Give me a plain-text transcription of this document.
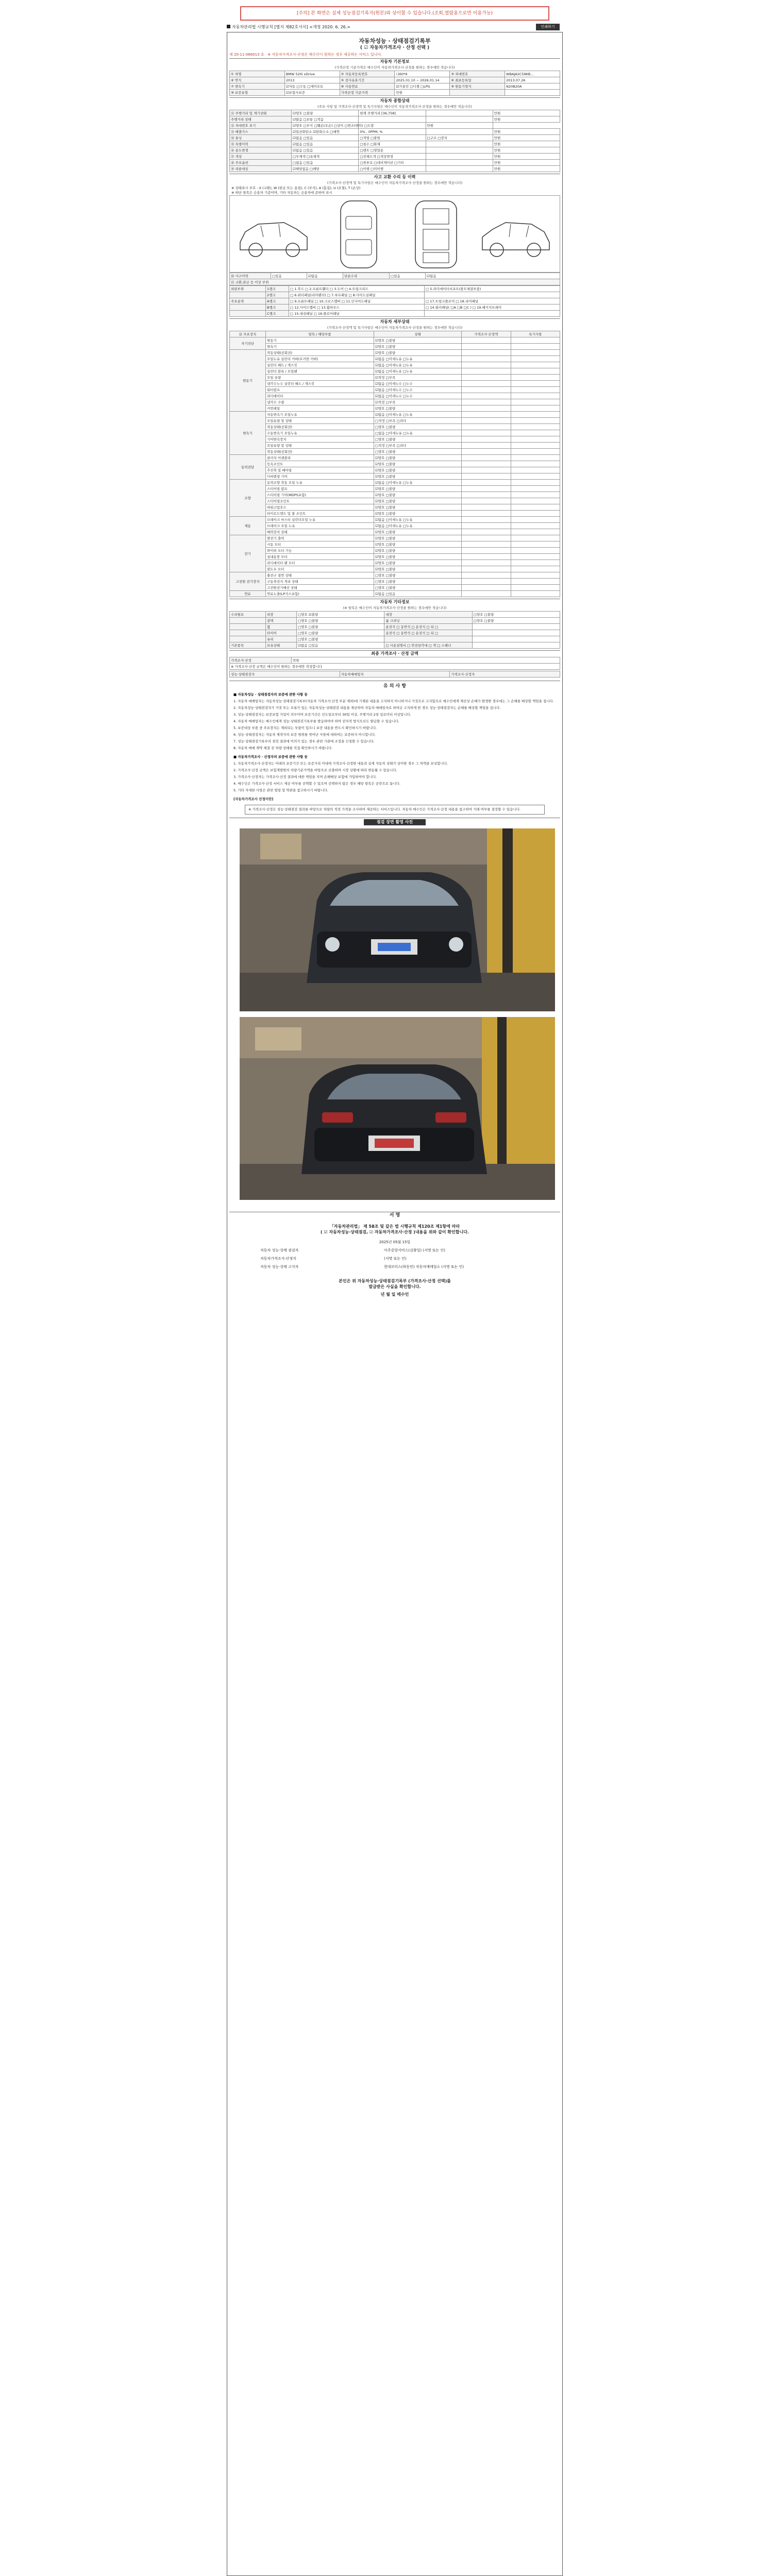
[주의] 본 화면은 실제 성능점검기록지(원본)와 상이할 수 있습니다.(조회,열람용으로만 이용가능)
자동차관리법 시행규칙 [별지 제82호서식] <개정 2020. 6. 26.>	인쇄하기
자동차성능 · 상태점검기록부
( ☑ 자동차가격조사 · 산정 선택 )
제 20-11-068013 호 ※ 자동차가격조사·산정은 매수인이 원하는 경우 제공하는 서비스 입니다.
자동차 기본정보
(가격산정 기준가격은 매수인이 자동차가격조사·산정을 원하는 경우에만 적습니다)
① 차명	BMW 520i xDrive	② 자동차등록번호	나60*9	③ 차대번호	WBAJA2C59KB...
④ 연식	2013	⑤ 검사유효기간	2025.01.10 ~ 2026.01.14	⑥ 최초등록일	2013.07.26
⑦ 변속기	☑자동 □수동 □세미오토	⑧ 사용연료	☑가솔린 □디젤 □LPG	⑨ 원동기형식	N20B20A
⑩ 보증유형	☑보험사보증	가격산정 기준가격	만원		
자동차 종합상태
(주요 사항 및 가격조사·산정액 및 특기사항은 매수인이 자동차가격조사·산정을 원하는 경우에만 적습니다)
⑪ 주행거리 및 계기상태	☑양호 □불량	현재 주행거리 [36,758]		만원
주행거리 상태	☑많음 □보통 □적음			만원
⑫ 차대번호 표기	☑양호 □부식 □훼손(오손) □상이 □변조(변타) □도말		만원	
⑬ 배출가스	☑일산화탄소 ☑탄화수소 □매연	0% , 0PPM, %		만원
⑭ 튜닝	☑없음 □있음	□적법 □불법	□구조 □장치	만원
⑮ 특별이력	☑없음 □있음	□침수 □화재		만원
⑯ 용도변경	☑없음 □있음	□렌트 □영업용		만원
⑰ 색상	□무채색 □유채색	□전체도색 □색상변경		만원
⑱ 주요옵션	□없음 □있음	□썬루프 □네비게이션 □기타		만원
⑲ 리콜대상	☑해당없음 □해당	□이행 □미이행		만원
사고 교환 수리 등 이력
(가격조사·산정액 및 특기사항은 매수인이 자동차가격조사·산정을 원하는 경우에만 적습니다)
※ 상태표시 부호 : X (교환), W (판금 또는 용접), C (부식), A (흠집), U (요철), T (손상)
※ 하단 항목은 승용차 기준이며, 기타 자동차는 승용차에 준하여 표시
⑳ 사고이력	□있음	☑없음	단순수리	□있음	☑없음
㉑ 교환,판금 등 이상 부위
외판부위	1랭크	□ 1.후드 □ 2.프론트휀더 □ 3.도어 □ 4.트렁크리드	□ 5.라디에이터서포트(볼트체결부품)
	2랭크	□ 6.쿼터패널(리어펜더) □ 7.루프패널 □ 8.사이드실패널	
주요골격	A랭크	□ 9.프론트패널 □ 10.크로스멤버 □ 11.인사이드패널	□ 17.트렁크플로어 □ 18.리어패널
	B랭크	□ 12.사이드멤버 □ 13.휠하우스	□ 14.필러패널( □A □B □C ) □ 19.패키지트레이
	C랭크	□ 15.대쉬패널 □ 16.플로어패널	
자동차 세부상태
(가격조사·산정액 및 특기사항은 매수인이 자동차가격조사·산정을 원하는 경우에만 적습니다)
㉒ 주요장치	항목 / 해당부품	상태	가격조사·산정액	특기사항
자기진단	원동기	☑양호 □불량		
	변속기	☑양호 □불량		
원동기	작동상태(공회전)	☑양호 □불량		
	오일누유 실린더 커버(로커암 커버)	☑없음 □미세누유 □누유		
	실린더 헤드 / 개스킷	☑없음 □미세누유 □누유		
	실린더 블록 / 오일팬	☑없음 □미세누유 □누유		
	오일 유량	☑적정 □부족		
	냉각수누수 실린더 헤드 / 개스킷	☑없음 □미세누수 □누수		
	워터펌프	☑없음 □미세누수 □누수		
	라디에이터	☑없음 □미세누수 □누수		
	냉각수 수량	☑적정 □부족		
	커먼레일	☑양호 □불량		
변속기	자동변속기 오일누유	☑없음 □미세누유 □누유		
	오일유량 및 상태	□적정 □부족 □과다		
	작동상태(공회전)	□양호 □불량		
	수동변속기 오일누유	□없음 □미세누유 □누유		
	기어변속장치	□양호 □불량		
	오일유량 및 상태	□적정 □부족 □과다		
	작동상태(공회전)	□양호 □불량		
동력전달	클러치 어셈블리	☑양호 □불량		
	등속조인트	☑양호 □불량		
	추진축 및 베어링	☑양호 □불량		
	디퍼렌셜 기어	☑양호 □불량		
조향	동력조향 작동 오일 누유	☑없음 □미세누유 □누유		
	스티어링 펌프	☑양호 □불량		
	스티어링 기어(MDPS포함)	☑양호 □불량		
	스티어링조인트	☑양호 □불량		
	파워고압호스	☑양호 □불량		
	타이로드엔드 및 볼 조인트	☑양호 □불량		
제동	브레이크 마스터 실린더오일 누유	☑없음 □미세누유 □누유		
	브레이크 오일 누유	☑없음 □미세누유 □누유		
	배력장치 상태	☑양호 □불량		
전기	발전기 출력	☑양호 □불량		
	시동 모터	☑양호 □불량		
	와이퍼 모터 기능	☑양호 □불량		
	실내송풍 모터	☑양호 □불량		
	라디에이터 팬 모터	☑양호 □불량		
	윈도우 모터	☑양호 □불량		
고전원 전기장치	충전구 절연 상태	□양호 □불량		
	구동축전지 격리 상태	□양호 □불량		
	고전원전기배선 상태	□양호 □불량		
연료	연료누출(LP가스포함)	☑없음 □있음		
자동차 기타정보
(※ 항목은 매수인이 자동차가격조사·산정을 원하는 경우에만 적습니다)
수리필요	외장	□양호 ☑불량	내장	□양호 □불량
	광택	□양호 □불량	룸 크리닝	□양호 □불량
	휠	□양호 □불량	운전석 □ 동반석 □ 운전석 □ 뒤 □	
	타이어	□양호 □불량	운전석 □ 동반석 □ 운전석 □ 뒤 □	
	유리	□양호 □불량		
기본품목	보유상태	☑없음 □있음	□ 사용설명서 □ 안전삼각대 □ 잭 □ 스패너	
최종 가격조사 · 산정 금액
가격조사·산정	만원
※ 가격조사·산정 금액은 매수인이 원하는 경우에만 작성합니다
성능·상태점검자	자동차매매업자	가격조사·산정자
유 의 사 항
■ 자동차성능 · 상태점검자의 보증에 관한 사항 등
1. 자동차 매매업자는 자동차성능·상태점검기록부(자동차 가격조사·산정 부분 제외)에 기재된 내용을 고지하지 아니하거나 거짓으로 고지함으로 매수인에게 재산상 손해가 발생한 경우에는 그 손해를 배상할 책임을 집니다.
2. 자동차성능·상태점검자가 거짓 또는 오류가 있는 자동차성능·상태점검 내용을 제공하여 자동차 매매업자로 하여금 고지하게 한 경우 성능·상태점검자는 손해를 배상할 책임을 집니다.
3. 성능·상태점검자는 보증보험 가입이 의무이며 보증기간은 인도일로부터 30일 이상, 주행거리 2천 킬로미터 이상입니다.
4. 자동차 매매업자는 매수인에게 성능·상태점검기록부를 발급하여야 하며 전자적 방식으로도 발급할 수 있습니다.
5. 보증대상 부품 중 주요장치는 제외되는 부품이 있으니 보증 내용을 반드시 확인하시기 바랍니다.
6. 성능·상태점검자는 자동차 제작사의 보증 범위를 벗어난 사항에 대하여는 보증하지 아니합니다.
7. 성능·상태점검기록부의 점검 결과에 이의가 있는 경우 관련 기관에 조정을 신청할 수 있습니다.
8. 자동차 매매 계약 체결 전 차량 상태를 직접 확인하시기 바랍니다.
■ 자동차가격조사 · 산정자의 보증에 관한 사항 등
1. 자동차가격조사·산정자는 아래의 보증기간 또는 보증거리 이내에 가격조사·산정한 내용과 실제 자동차 상태가 상이한 경우 그 차액을 보상합니다.
2. 가격조사·산정 금액은 보험개발원의 차량기준가액을 바탕으로 산출하며 시장 상황에 따라 변동될 수 있습니다.
3. 가격조사·산정자는 가격조사·산정 결과에 대한 책임을 지며 손해배상 보험에 가입하여야 합니다.
4. 매수인은 가격조사·산정 서비스 제공 여부를 선택할 수 있으며 선택하지 않은 경우 해당 항목은 공란으로 둡니다.
5. 기타 자세한 사항은 관련 법령 및 약관을 참고하시기 바랍니다.
[자동차가격조사 선정이란]
※ 가격조사·산정은 성능·상태점검 결과를 바탕으로 차량의 적정 가격을 조사하여 제공하는 서비스입니다. 자동차 매수인은 가격조사·산정 내용을 참고하여 거래 여부를 결정할 수 있습니다.
점검 장면 촬영 사진
서 명
「자동차관리법」 제 58조 및 같은 법 시행규칙 제120조 제1항에 따라
( ☑ 자동차성능·상태점검, ☑ 자동차가격조사·산정 )내용을 위와 같이 확인합니다.
2025년 05월 15일
자동차 성능·상태 점검자	아주중앙서비스(김왕일) (서명 또는 인)
자동차가격조사·산정자	(서명 또는 인)
자동차 성능·상태 고지자	현대모터스(하동민) 자동차매매업소 (서명 또는 인)
본인은 위 자동차성능·상태점검기록부 (가격조사·산정 선택)를
발급받은 사실을 확인합니다.
년 월 일 매수인
